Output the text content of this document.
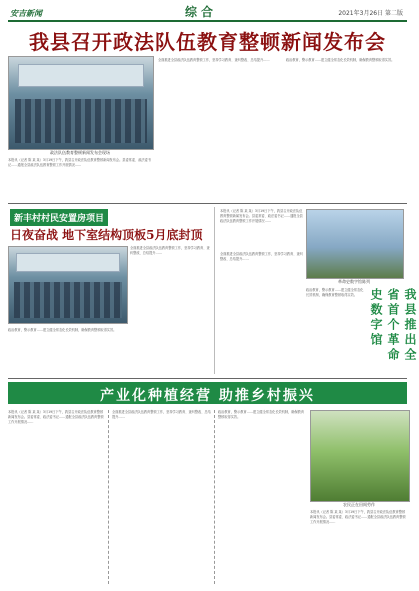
安吉新闻	综合	2021年3月26日 第二版
我县召开政法队伍教育整顿新闻发布会
政法队伍教育整顿新闻发布会现场
本报讯（记者 陈 某 某）3月19日下午，我县召开政法队伍教育整顿新闻发布会。县委常委、政法委书记……通报全县政法队伍教育整顿工作开展情况……
全面推进全县政法队伍教育整顿工作，坚持学习教育、查纠整改、总结提升……	政治教育，警示教育……建立健全常态化长效机制，确保教育整顿取得实效。
新丰村村民安置房项目
日夜奋战 地下室结构顶板5月底封顶
全面推进全县政法队伍教育整顿工作，坚持学习教育、查纠整改、总结提升……
政治教育，警示教育……建立健全常态化长效机制，确保教育整顿取得实效。
本报讯（记者 陈 某 某）3月19日下午，我县召开政法队伍教育整顿新闻发布会。县委常委、政法委书记……通报全县政法队伍教育整顿工作开展情况……
革命史数字馆陈列
全面推进全县政法队伍教育整顿工作，坚持学习教育、查纠整改、总结提升……
政治教育，警示教育……建立健全常态化长效机制，确保教育整顿取得实效。	我县推出全省首个革命史数字馆
产业化种植经营 助推乡村振兴
本报讯（记者 陈 某 某）3月19日下午，我县召开政法队伍教育整顿新闻发布会。县委常委、政法委书记……通报全县政法队伍教育整顿工作开展情况……
全面推进全县政法队伍教育整顿工作，坚持学习教育、查纠整改、总结提升……
政治教育，警示教育……建立健全常态化长效机制，确保教育整顿取得实效。
农民正在田间劳作
本报讯（记者 陈 某 某）3月19日下午，我县召开政法队伍教育整顿新闻发布会。县委常委、政法委书记……通报全县政法队伍教育整顿工作开展情况……
